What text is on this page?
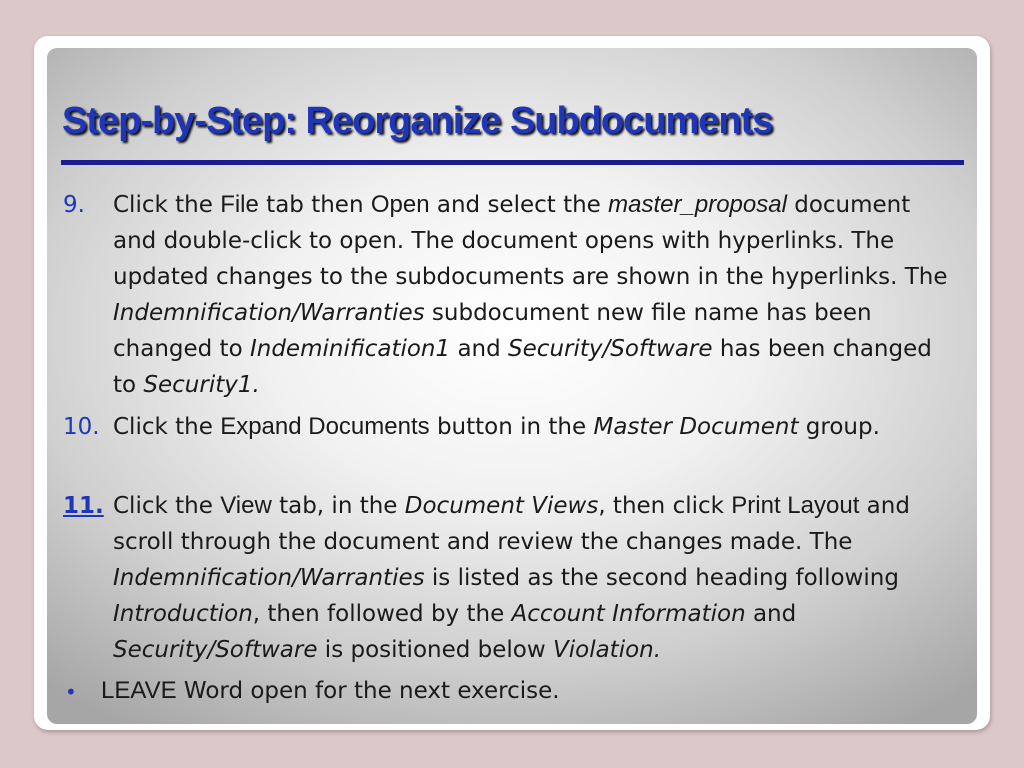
Step-by-Step: Reorganize Subdocuments
9. Click the File tab then Open and select the master_proposal document and double-click to open. The document opens with hyperlinks. The updated changes to the subdocuments are shown in the hyperlinks. The Indemnification/Warranties subdocument new file name has been changed to Indeminification1 and Security/Software has been changed to Security1.
10. Click the Expand Documents button in the Master Document group.
11. Click the View tab, in the Document Views, then click Print Layout and scroll through the document and review the changes made. The Indemnification/Warranties is listed as the second heading following Introduction, then followed by the Account Information and Security/Software is positioned below Violation.
• LEAVE Word open for the next exercise.
